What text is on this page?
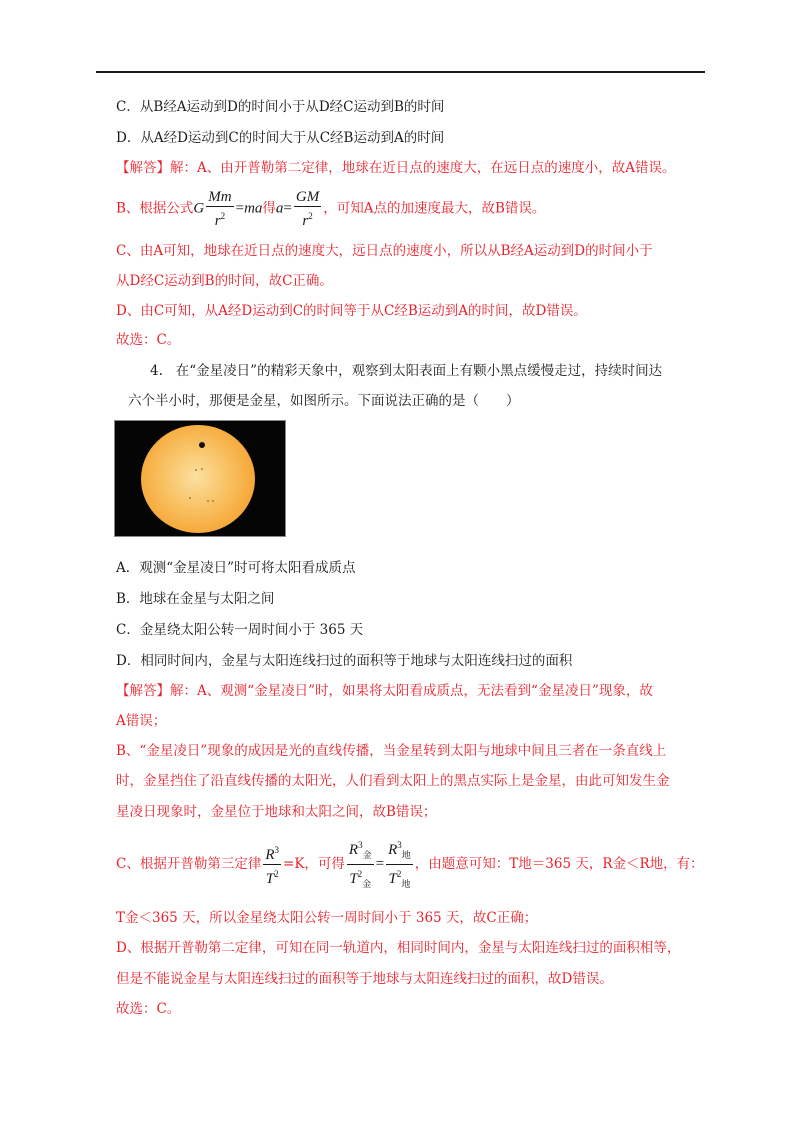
C．从B经A运动到D的时间小于从D经C运动到B的时间
D．从A经D运动到C的时间大于从C经B运动到A的时间
【解答】解：A、由开普勒第二定律，地球在近日点的速度大，在远日点的速度小，故A错误。
B、根据公式G $\frac{Mm}{r^2} =ma$得$a= \frac{GM}{r^2}$ ，可知A点的加速度最大，故B错误。
C、由A可知，地球在近日点的速度大，远日点的速度小，所以从B经A运动到D的时间小于
从D经C运动到B的时间，故C正确。
D、由C可知，从A经D运动到C的时间等于从C经B运动到A的时间，故D错误。
故选：C。
4. 在“金星凌日”的精彩天象中，观察到太阳表面上有颗小黑点缓慢走过，持续时间达
六个半小时，那便是金星，如图所示。下面说法正确的是（　　）
A．观测“金星凌日”时可将太阳看成质点
B．地球在金星与太阳之间
C．金星绕太阳公转一周时间小于 365 天
D．相同时间内，金星与太阳连线扫过的面积等于地球与太阳连线扫过的面积
【解答】解：A、观测“金星凌日”时，如果将太阳看成质点，无法看到“金星凌日”现象，故
A错误；
B、“金星凌日”现象的成因是光的直线传播，当金星转到太阳与地球中间且三者在一条直线上
时，金星挡住了沿直线传播的太阳光，人们看到太阳上的黑点实际上是金星，由此可知发生金
星凌日现象时，金星位于地球和太阳之间，故B错误；
C、根据开普勒第三定律 $\frac{R^3}{T^2} =K$，可得 $\frac{R^3_金}{T^2_金} = \frac{R^3_地}{T^2_地}$ ，由题意可知：T地＝365 天，R金＜R地，有：
T金＜365 天，所以金星绕太阳公转一周时间小于 365 天，故C正确；
D、根据开普勒第二定律，可知在同一轨道内，相同时间内，金星与太阳连线扫过的面积相等，
但是不能说金星与太阳连线扫过的面积等于地球与太阳连线扫过的面积，故D错误。
故选：C。
